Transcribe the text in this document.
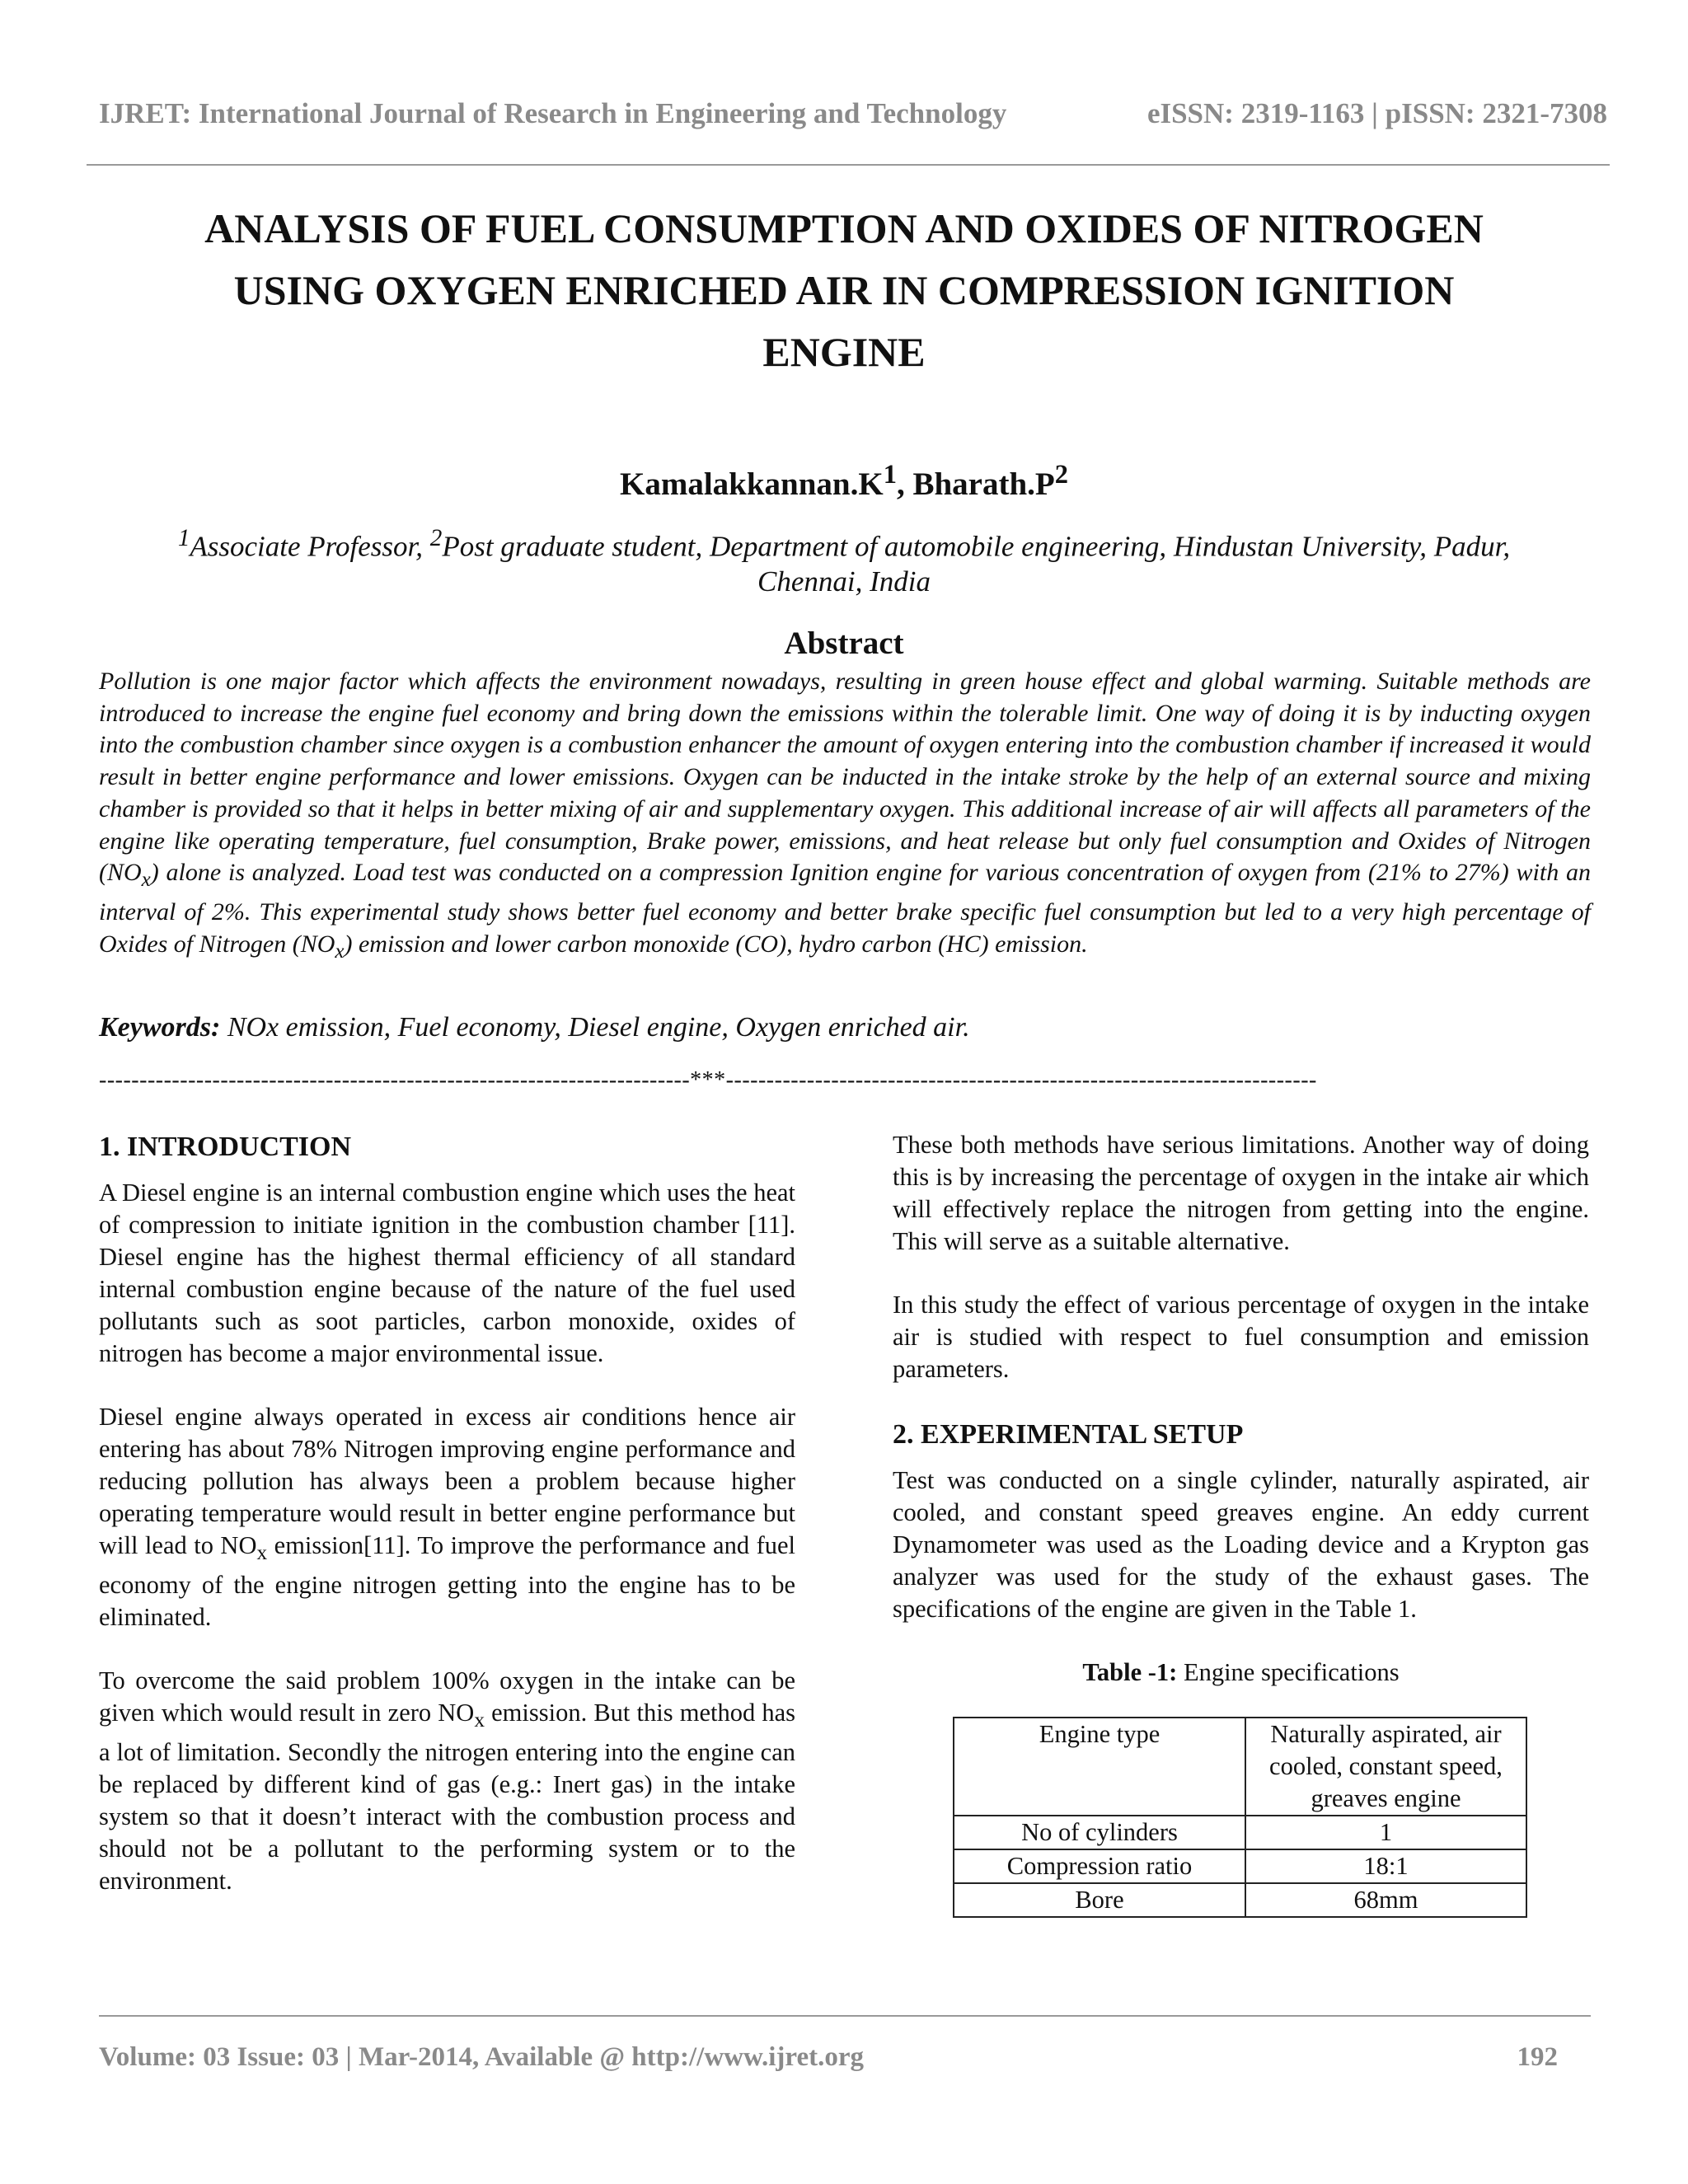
IJRET: International Journal of Research in Engineering and Technology	eISSN: 2319-1163 | pISSN: 2321-7308
ANALYSIS OF FUEL CONSUMPTION AND OXIDES OF NITROGEN
USING OXYGEN ENRICHED AIR IN COMPRESSION IGNITION
ENGINE
$Kamalakkannan.K^1$, $Bharath.P^2$
$^1$Associate Professor, $^2$Post graduate student, Department of automobile engineering, Hindustan University, Padur, Chennai, India
Abstract
Pollution is one major factor which affects the environment nowadays, resulting in green house effect and global warming. Suitable methods are introduced to increase the engine fuel economy and bring down the emissions within the tolerable limit. One way of doing it is by inducting oxygen into the combustion chamber since oxygen is a combustion enhancer the amount of oxygen entering into the combustion chamber if increased it would result in better engine performance and lower emissions. Oxygen can be inducted in the intake stroke by the help of an external source and mixing chamber is provided so that it helps in better mixing of air and supplementary oxygen. This additional increase of air will affects all parameters of the engine like operating temperature, fuel consumption, Brake power, emissions, and heat release but only fuel consumption and Oxides of Nitrogen $(NO_x)$ alone is analyzed. Load test was conducted on a compression Ignition engine for various concentration of oxygen from (21% to 27%) with an interval of 2%. This experimental study shows better fuel economy and better brake specific fuel consumption but led to a very high percentage of Oxides of Nitrogen $(NO_x)$ emission and lower carbon monoxide (CO), hydro carbon (HC) emission.
Keywords: NOx emission, Fuel economy, Diesel engine, Oxygen enriched air.
-------------------------------------------------------------------------***-------------------------------------------------------------------------
1. INTRODUCTION

A Diesel engine is an internal combustion engine which uses the heat of compression to initiate ignition in the combustion chamber [11]. Diesel engine has the highest thermal efficiency of all standard internal combustion engine because of the nature of the fuel used pollutants such as soot particles, carbon monoxide, oxides of nitrogen has become a major environmental issue.

Diesel engine always operated in excess air conditions hence air entering has about 78% Nitrogen improving engine performance and reducing pollution has always been a problem because higher operating temperature would result in better engine performance but will lead to $NO_x$ emission[11]. To improve the performance and fuel economy of the engine nitrogen getting into the engine has to be eliminated.

To overcome the said problem 100% oxygen in the intake can be given which would result in zero $NO_x$ emission. But this method has a lot of limitation. Secondly the nitrogen entering into the engine can be replaced by different kind of gas (e.g.: Inert gas) in the intake system so that it doesn’t interact with the combustion process and should not be a pollutant to the performing system or to the environment.

These both methods have serious limitations. Another way of doing this is by increasing the percentage of oxygen in the intake air which will effectively replace the nitrogen from getting into the engine. This will serve as a suitable alternative.

In this study the effect of various percentage of oxygen in the intake air is studied with respect to fuel consumption and emission parameters.

2. EXPERIMENTAL SETUP

Test was conducted on a single cylinder, naturally aspirated, air cooled, and constant speed greaves engine. An eddy current Dynamometer was used as the Loading device and a Krypton gas analyzer was used for the study of the exhaust gases. The specifications of the engine are given in the Table 1.

Table -1: Engine specifications
Engine type	Naturally aspirated, air cooled, constant speed, greaves engine
No of cylinders	1
Compression ratio	18:1
Bore	68mm
Volume: 03 Issue: 03 | Mar-2014, Available @ http://www.ijret.org	192
